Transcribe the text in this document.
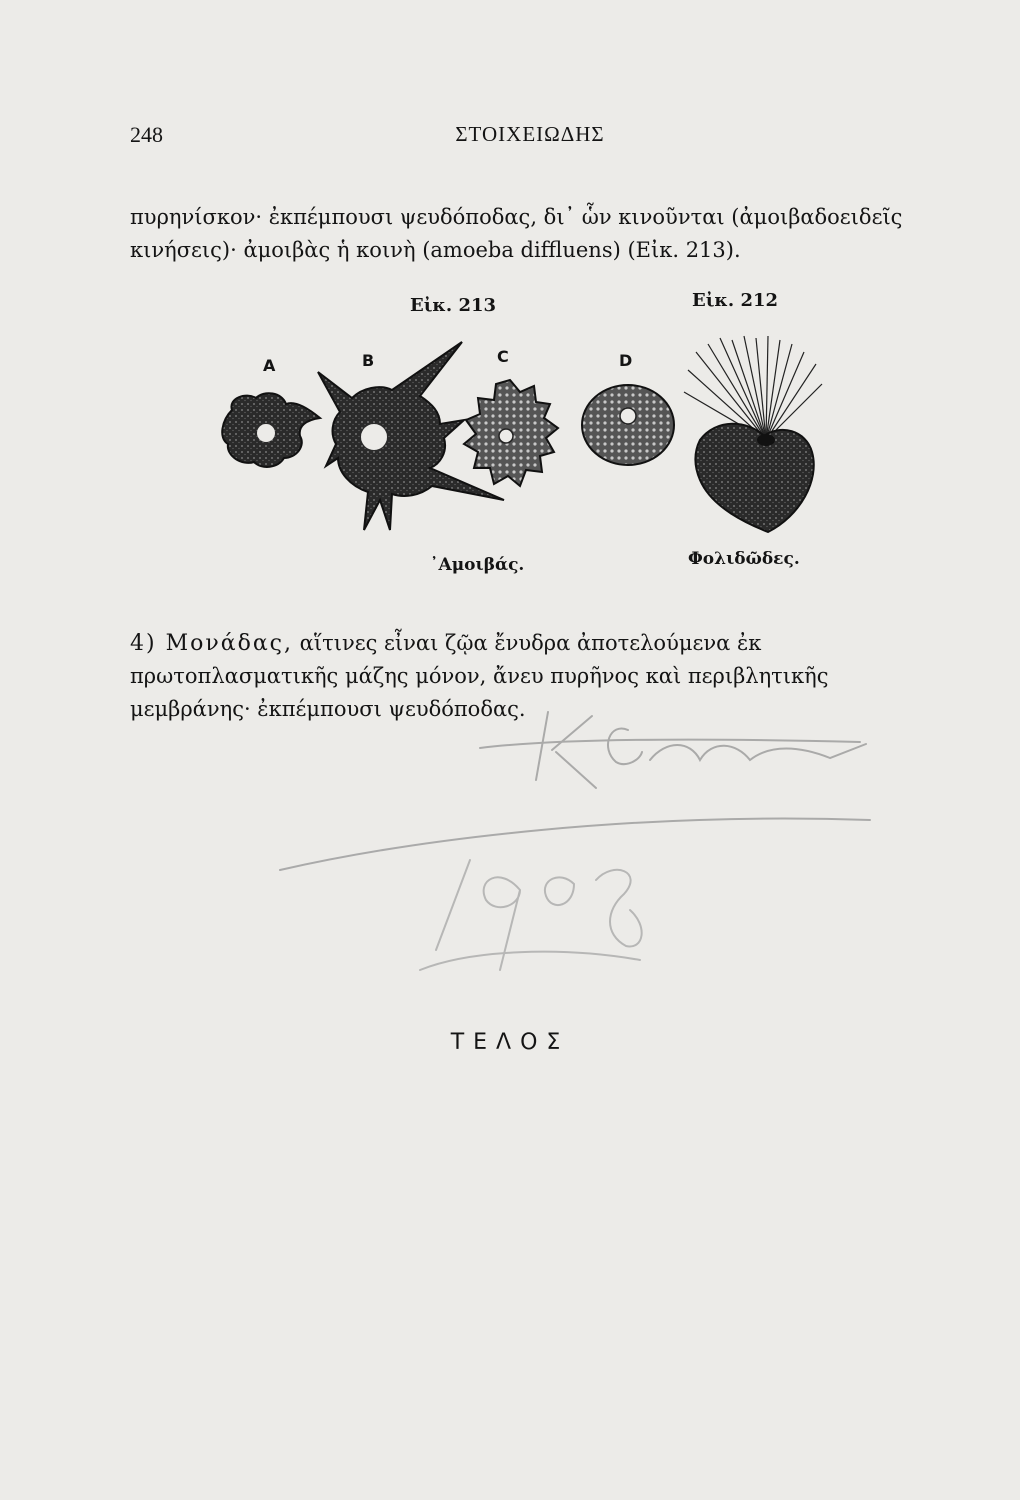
248	ΣΤΟΙΧΕΙΩΔΗΣ

πυρηνίσκον· ἐκπέμπουσι ψευδόποδας, δι᾽ ὧν κινοῦνται (ἀμοιβαδοειδεῖς κινήσεις)· ἀμοιβὰς ἡ κοινὴ (amoeba diffluens) (Εἰκ. 213).

Εἰκ. 213	Εἰκ. 212
A	B	C	D
᾿Αμοιβάς.	Φολιδῶδες.

4) Μονάδας, αἵτινες εἶναι ζῷα ἔνυδρα ἀποτελούμενα ἐκ πρωτοπλασματικῆς μάζης μόνον, ἄνευ πυρῆνος καὶ περιβλητικῆς μεμβράνης· ἐκπέμπουσι ψευδόποδας.

ΤΕΛΟΣ
